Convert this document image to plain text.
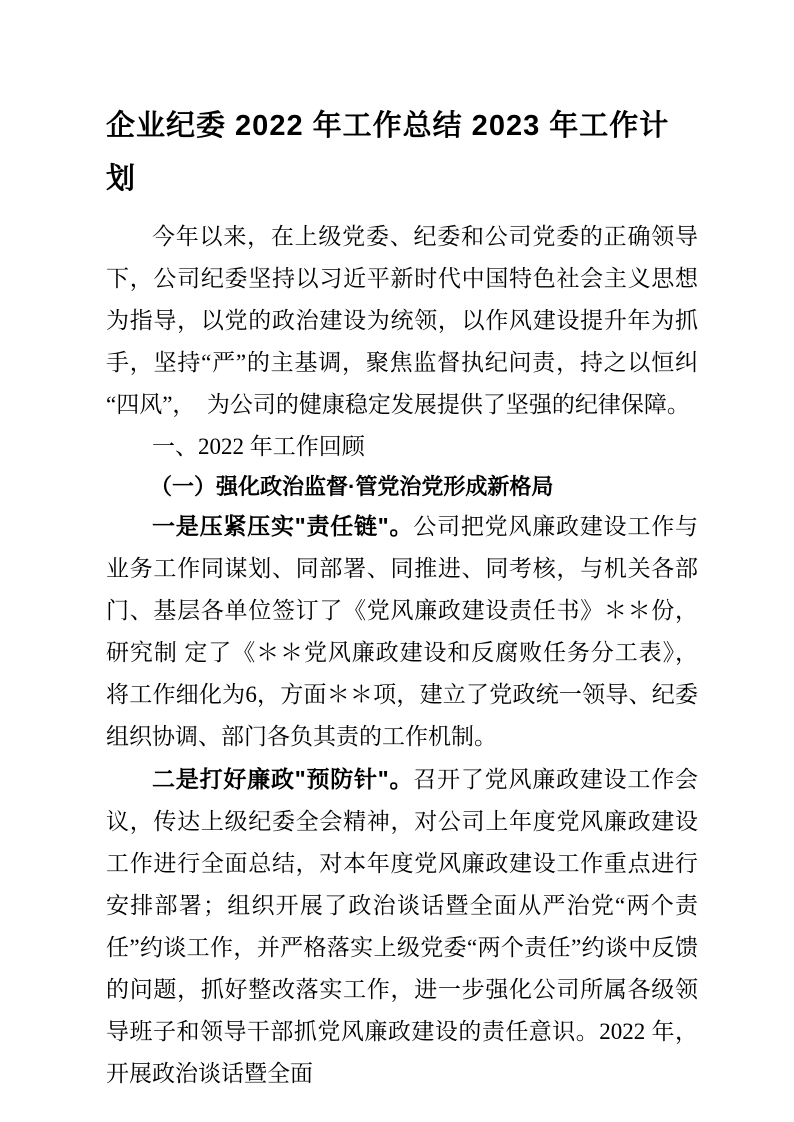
企业纪委 2022 年工作总结 2023 年工作计划

今年以来，在上级党委、纪委和公司党委的正确领导下，公司纪委坚持以习近平新时代中国特色社会主义思想为指导，以党的政治建设为统领，以作风建设提升年为抓手，坚持“严”的主基调，聚焦监督执纪问责，持之以恒纠“四风”，　为公司的健康稳定发展提供了坚强的纪律保障。

一、2022 年工作回顾

（一）强化政治监督·管党治党形成新格局

一是压紧压实"责任链"。公司把党风廉政建设工作与业务工作同谋划、同部署、同推进、同考核，与机关各部门、基层各单位签订了《党风廉政建设责任书》＊＊份，研究制 定了《＊＊党风廉政建设和反腐败任务分工表》，将工作细化为6，方面＊＊项，建立了党政统一领导、纪委组织协调、部门各负其责的工作机制。

二是打好廉政"预防针"。召开了党风廉政建设工作会议，传达上级纪委全会精神，对公司上年度党风廉政建设工作进行全面总结，对本年度党风廉政建设工作重点进行安排部署；组织开展了政治谈话暨全面从严治党“两个责任”约谈工作，并严格落实上级党委“两个责任”约谈中反馈的问题，抓好整改落实工作，进一步强化公司所属各级领导班子和领导干部抓党风廉政建设的责任意识。2022 年，开展政治谈话暨全面
